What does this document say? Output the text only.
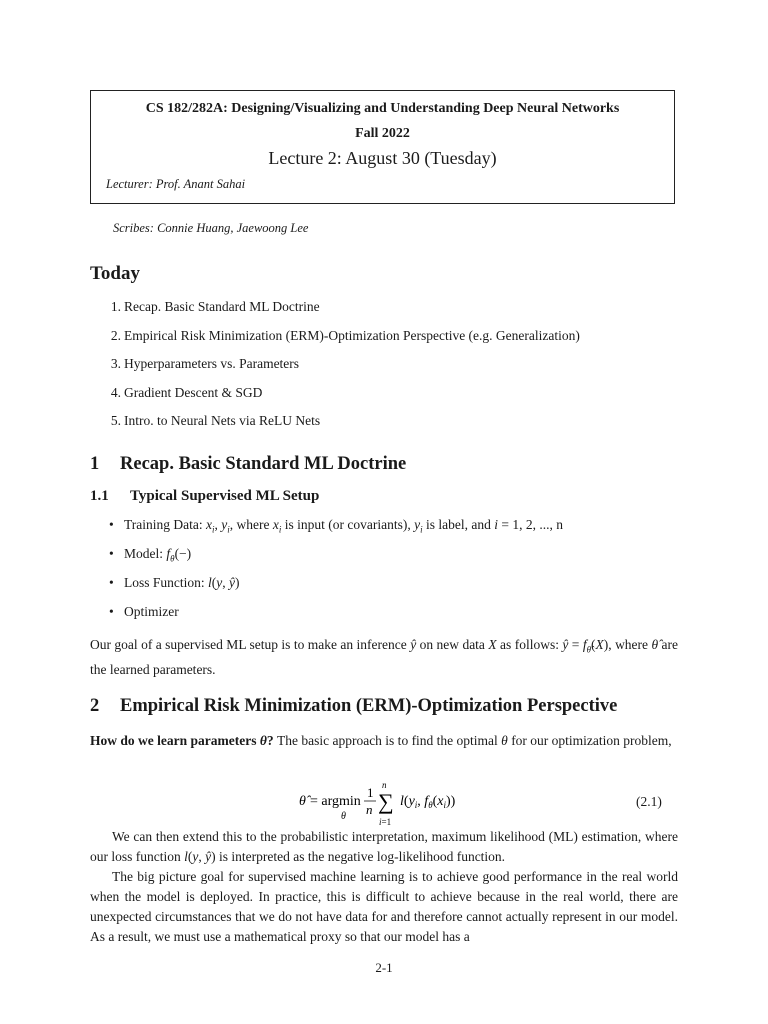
CS 182/282A: Designing/Visualizing and Understanding Deep Neural Networks
Fall 2022
Lecture 2: August 30 (Tuesday)
Lecturer: Prof. Anant Sahai
Scribes: Connie Huang, Jaewoong Lee
Today
1. Recap. Basic Standard ML Doctrine
2. Empirical Risk Minimization (ERM)-Optimization Perspective (e.g. Generalization)
3. Hyperparameters vs. Parameters
4. Gradient Descent & SGD
5. Intro. to Neural Nets via ReLU Nets
1 Recap. Basic Standard ML Doctrine
1.1 Typical Supervised ML Setup
• Training Data: $x_i$, $y_i$, where $x_i$ is input (or covariants), $y_i$ is label, and i = 1, 2, ..., n
• Model: $f_\theta(-)$
• Loss Function: l(y, ŷ)
• Optimizer
Our goal of a supervised ML setup is to make an inference ŷ on new data X as follows: ŷ = $f_{\thetâ}(X)$, where θ̂ are the learned parameters.
2 Empirical Risk Minimization (ERM)-Optimization Perspective
How do we learn parameters θ? The basic approach is to find the optimal θ for our optimization problem,
θ̂ = argmin
θ
1
n
n
∑
i=1
$l(y_i$, $f_\theta(x_i)$)	(2.1)
We can then extend this to the probabilistic interpretation, maximum likelihood (ML) estimation, where our loss function l(y, ŷ) is interpreted as the negative log-likelihood function.
The big picture goal for supervised machine learning is to achieve good performance in the real world when the model is deployed. In practice, this is difficult to achieve because in the real world, there are unexpected circumstances that we do not have data for and therefore cannot actually represent in our model. As a result, we must use a mathematical proxy so that our model has a
2-1
